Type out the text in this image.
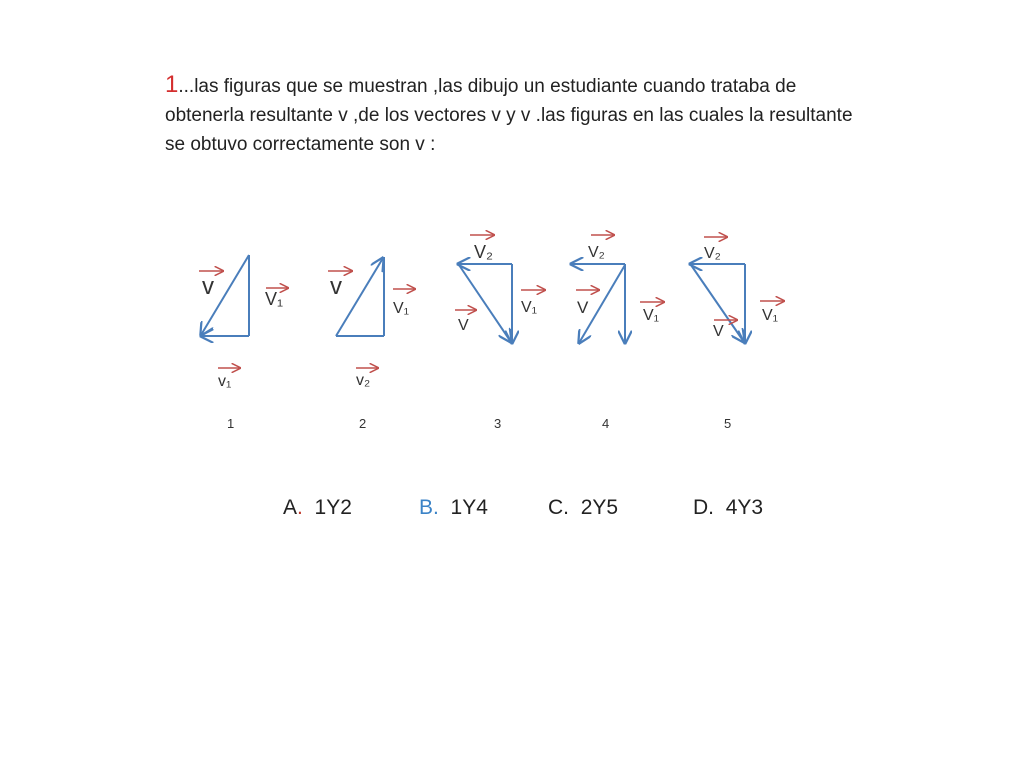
1...las figuras que se muestran ,las dibujo un estudiante cuando trataba de obtenerla resultante v ,de los vectores v y v .las figuras en las cuales la resultante se obtuvo correctamente son v :

v	V₁
v₁
1
v
V₁
v₂
2
V₂
V₁
V
3
V₂
V	V₁
4
V₂
V₁
V
5
A. 1Y2	B. 1Y4	C. 2Y5	D. 4Y3
